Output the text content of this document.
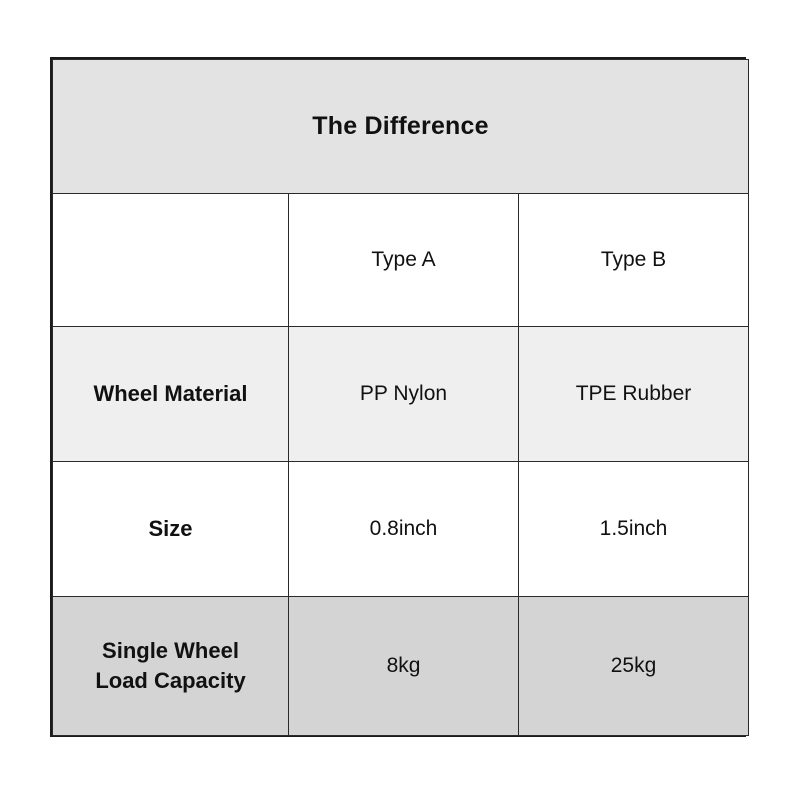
The Difference		
	Type A	Type B
Wheel Material	PP Nylon	TPE Rubber
Size	0.8inch	1.5inch

Single Wheel
Load Capacity	8kg	25kg
